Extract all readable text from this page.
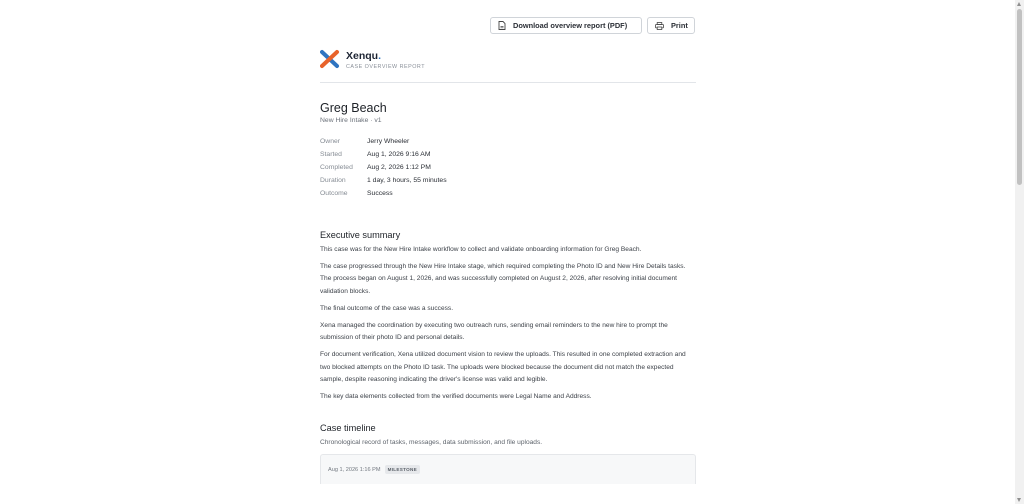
Download overview report (PDF)	Print
Xenqu.
CASE OVERVIEW REPORT
Greg Beach
New Hire Intake · v1
Owner	Jerry Wheeler
Started	Aug 1, 2026 9:16 AM
Completed	Aug 2, 2026 1:12 PM
Duration	1 day, 3 hours, 55 minutes
Outcome	Success
Executive summary

This case was for the New Hire Intake workflow to collect and validate onboarding information for Greg Beach.

The case progressed through the New Hire Intake stage, which required completing the Photo ID and New Hire Details tasks. The process began on August 1, 2026, and was successfully completed on August 2, 2026, after resolving initial document validation blocks.

The final outcome of the case was a success.

Xena managed the coordination by executing two outreach runs, sending email reminders to the new hire to prompt the submission of their photo ID and personal details.

For document verification, Xena utilized document vision to review the uploads. This resulted in one completed extraction and two blocked attempts on the Photo ID task. The uploads were blocked because the document did not match the expected sample, despite reasoning indicating the driver's license was valid and legible.

The key data elements collected from the verified documents were Legal Name and Address.

Case timeline
Chronological record of tasks, messages, data submission, and file uploads.
Aug 1, 2026 1:16 PM	MILESTONE
